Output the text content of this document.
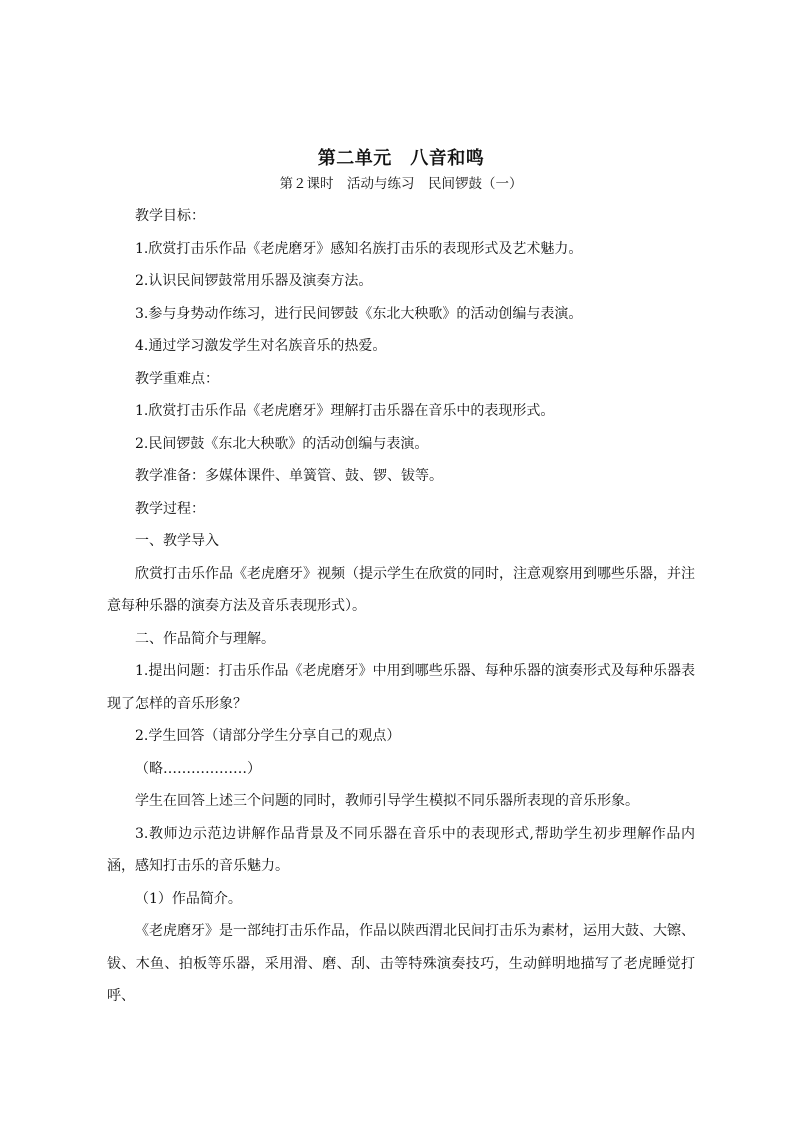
第二单元　八音和鸣
第２课时　活动与练习　民间锣鼓（一）

教学目标：

1.欣赏打击乐作品《老虎磨牙》感知名族打击乐的表现形式及艺术魅力。

2.认识民间锣鼓常用乐器及演奏方法。

3.参与身势动作练习，进行民间锣鼓《东北大秧歌》的活动创编与表演。

4.通过学习激发学生对名族音乐的热爱。

教学重难点：

1.欣赏打击乐作品《老虎磨牙》理解打击乐器在音乐中的表现形式。

2.民间锣鼓《东北大秧歌》的活动创编与表演。

教学准备：多媒体课件、单簧管、鼓、锣、钹等。

教学过程：

一、教学导入

欣赏打击乐作品《老虎磨牙》视频（提示学生在欣赏的同时，注意观察用到哪些乐器，并注意每种乐器的演奏方法及音乐表现形式）。

二、作品简介与理解。

1.提出问题：打击乐作品《老虎磨牙》中用到哪些乐器、每种乐器的演奏形式及每种乐器表现了怎样的音乐形象？

2.学生回答（请部分学生分享自己的观点）

（略………………）

学生在回答上述三个问题的同时，教师引导学生模拟不同乐器所表现的音乐形象。

3.教师边示范边讲解作品背景及不同乐器在音乐中的表现形式,帮助学生初步理解作品内涵，感知打击乐的音乐魅力。

（1）作品简介。

《老虎磨牙》是一部纯打击乐作品，作品以陕西渭北民间打击乐为素材，运用大鼓、大镲、钹、木鱼、拍板等乐器，采用滑、磨、刮、击等特殊演奏技巧，生动鲜明地描写了老虎睡觉打呼、
